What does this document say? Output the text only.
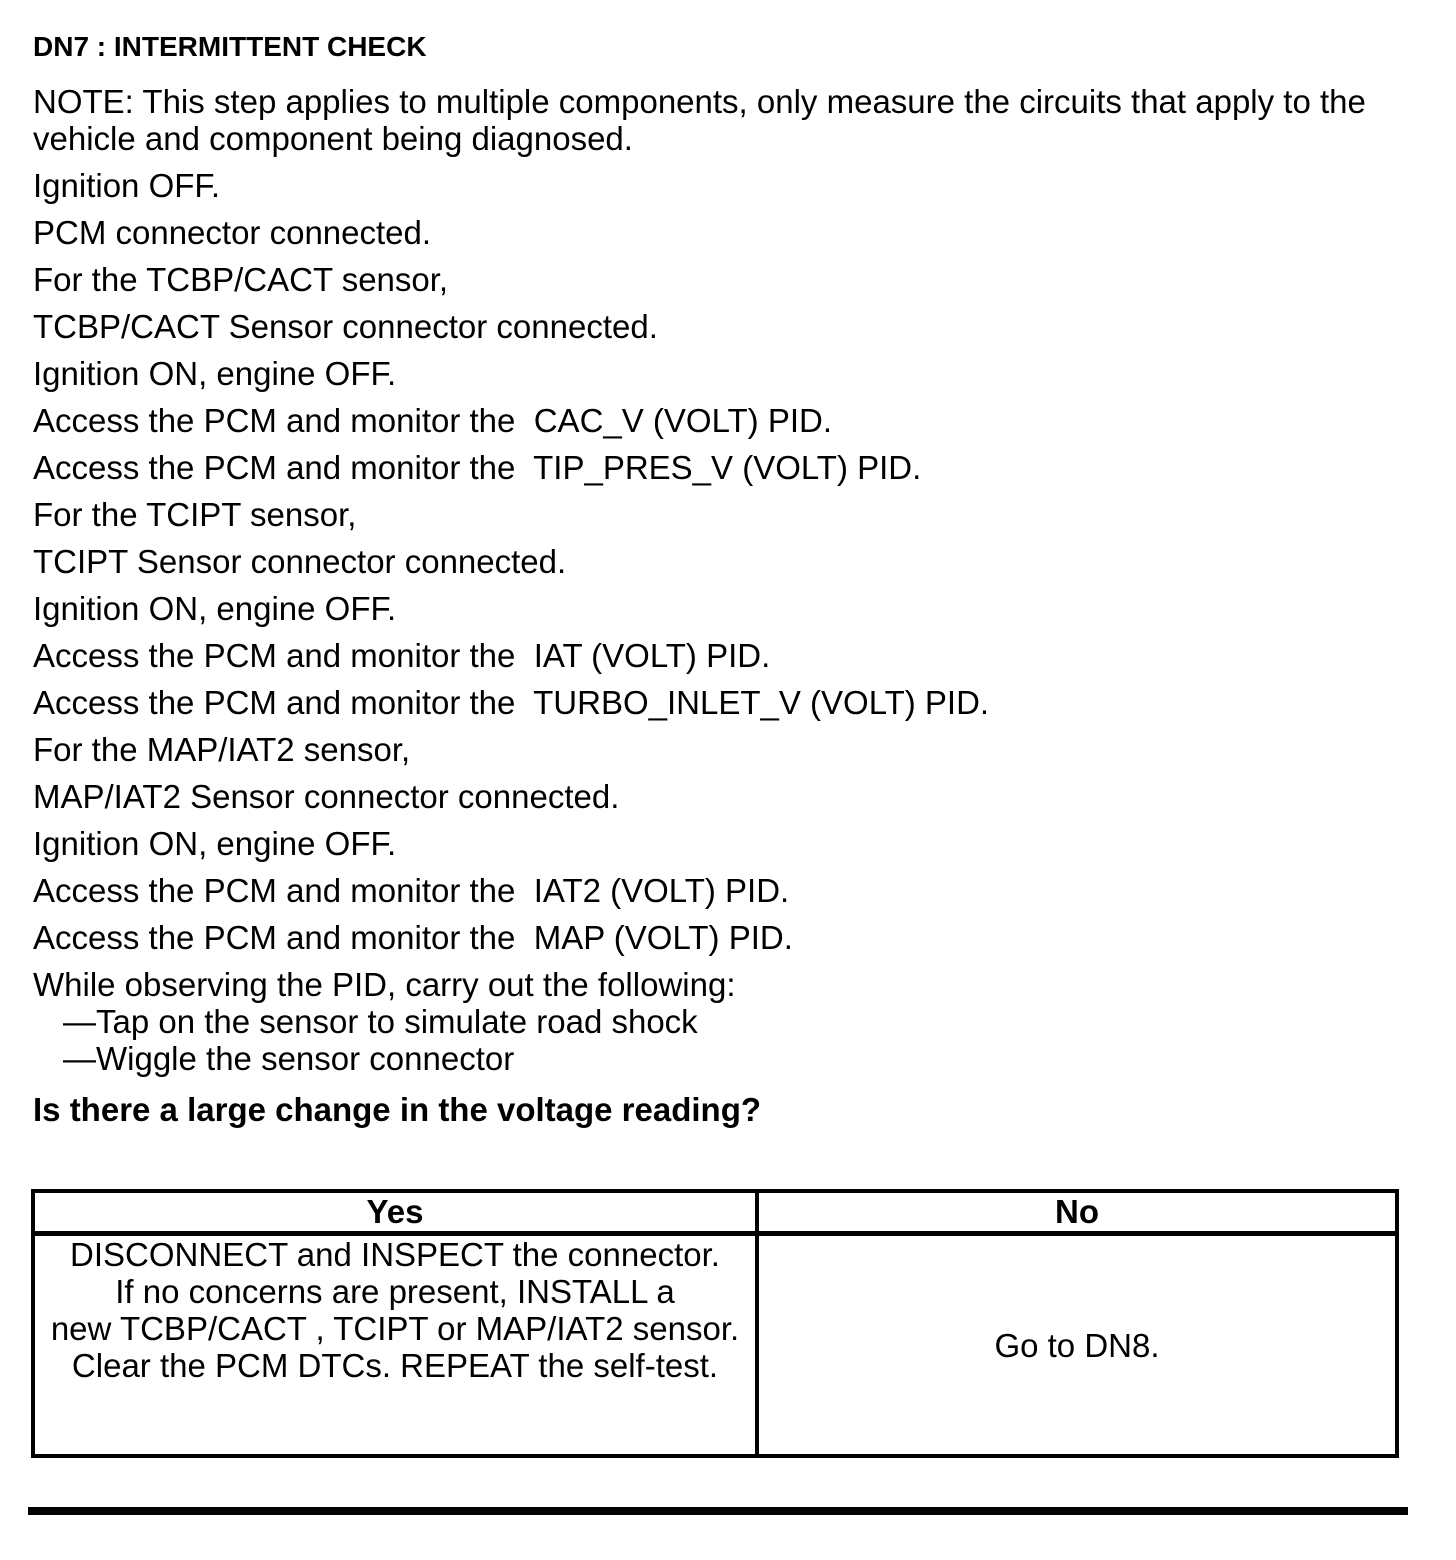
DN7 : INTERMITTENT CHECK

NOTE: This step applies to multiple components, only measure the circuits that apply to the vehicle and component being diagnosed.

Ignition OFF.

PCM connector connected.

For the TCBP/CACT sensor,

TCBP/CACT Sensor connector connected.

Ignition ON, engine OFF.

Access the PCM and monitor the  CAC_V (VOLT) PID.

Access the PCM and monitor the  TIP_PRES_V (VOLT) PID.

For the TCIPT sensor,

TCIPT Sensor connector connected.

Ignition ON, engine OFF.

Access the PCM and monitor the  IAT (VOLT) PID.

Access the PCM and monitor the  TURBO_INLET_V (VOLT) PID.

For the MAP/IAT2 sensor,

MAP/IAT2 Sensor connector connected.

Ignition ON, engine OFF.

Access the PCM and monitor the  IAT2 (VOLT) PID.

Access the PCM and monitor the  MAP (VOLT) PID.

While observing the PID, carry out the following:

—Tap on the sensor to simulate road shock
—Wiggle the sensor connector

Is there a large change in the voltage reading?

Yes	No

DISCONNECT and INSPECT the connector.
If no concerns are present, INSTALL a
new TCBP/CACT , TCIPT or MAP/IAT2 sensor.
Clear the PCM DTCs. REPEAT the self-test.	Go to DN8.
